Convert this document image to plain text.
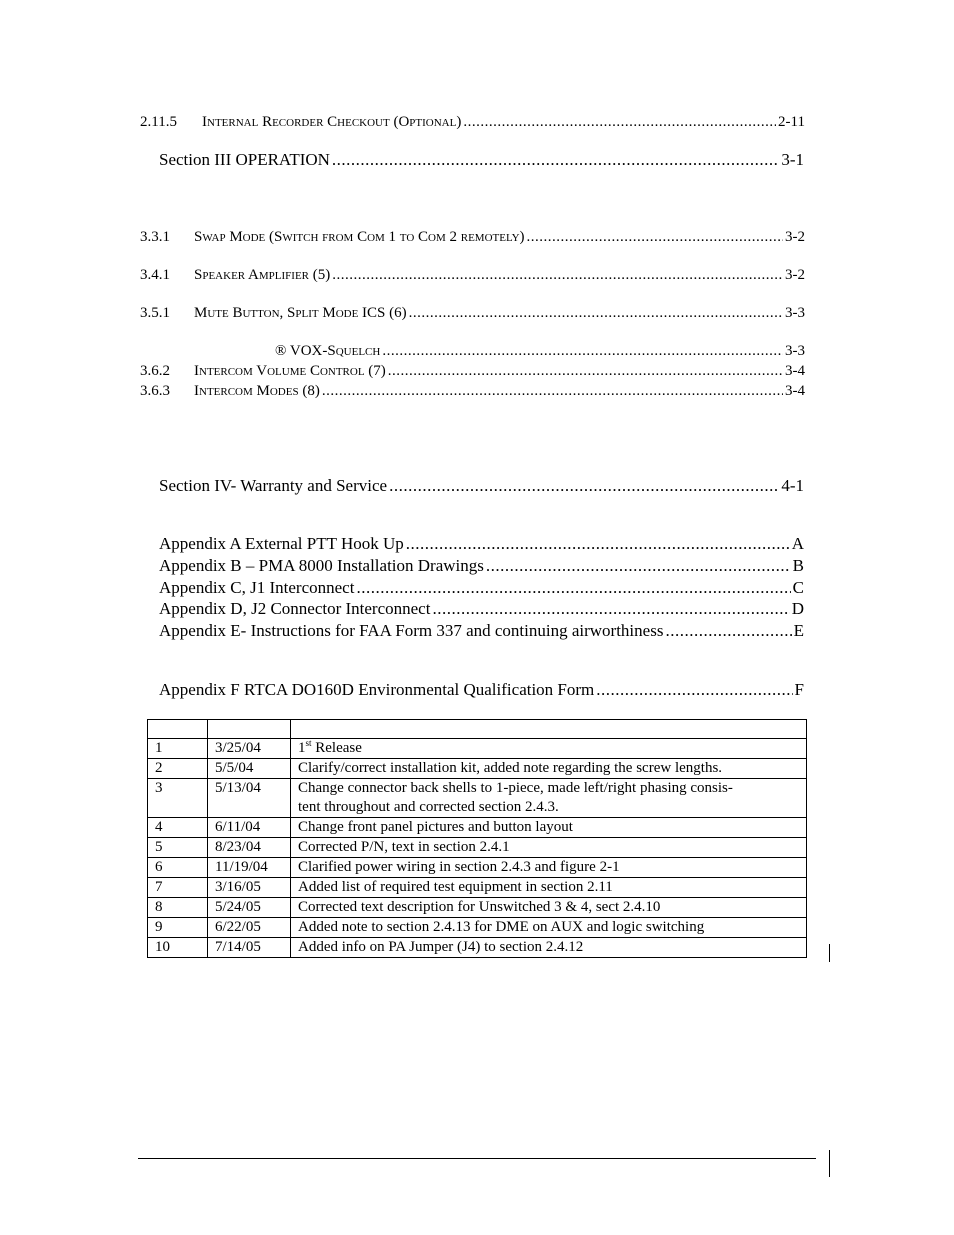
2.11.5	Internal Recorder Checkout (Optional) .....	2-11
Section III OPERATION .....	3-1
3.3.1	Swap Mode (Switch from Com 1 to Com 2 remotely) .....	3-2
3.4.1	Speaker Amplifier (5) .....	3-2
3.5.1	Mute Button, Split Mode ICS (6) .....	3-3
® VOX-Squelch .....	3-3
3.6.2	Intercom Volume Control (7) .....	3-4
3.6.3	Intercom Modes (8) .....	3-4
Section IV- Warranty and Service .....	4-1
Appendix A External PTT Hook Up .....	A
Appendix B – PMA 8000 Installation Drawings .....	B
Appendix C, J1 Interconnect .....	C
Appendix D, J2 Connector Interconnect .....	D
Appendix E- Instructions for FAA Form 337 and continuing airworthiness .....	E
Appendix F RTCA DO160D Environmental Qualification Form .....	F

1	3/25/04	1st Release
2	5/5/04	Clarify/correct installation kit, added note regarding the screw lengths.
3	5/13/04	Change connector back shells to 1-piece, made left/right phasing consis-
tent throughout and corrected section 2.4.3.

4	6/11/04	Change front panel pictures and button layout
5	8/23/04	Corrected P/N, text in section 2.4.1
6	11/19/04	Clarified power wiring in section 2.4.3 and figure 2-1
7	3/16/05	Added list of required test equipment in section 2.11
8	5/24/05	Corrected text description for Unswitched 3 & 4, sect 2.4.10
9	6/22/05	Added note to section 2.4.13 for DME on AUX and logic switching
10	7/14/05	Added info on PA Jumper (J4) to section 2.4.12
